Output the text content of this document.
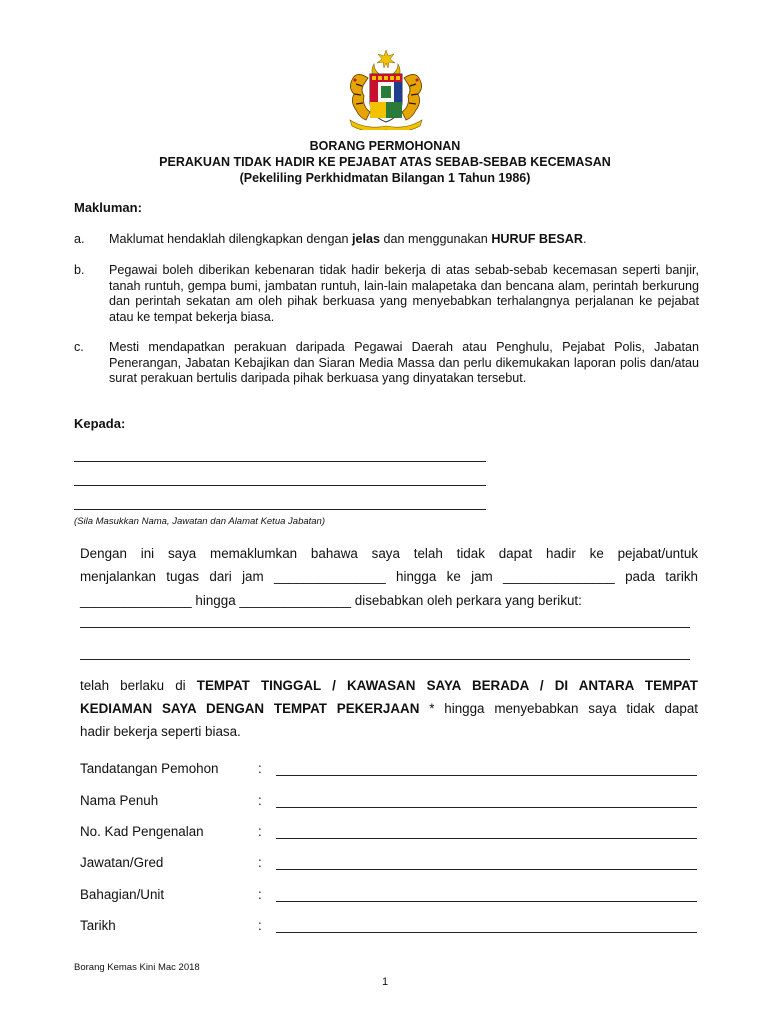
BORANG PERMOHONAN
PERAKUAN TIDAK HADIR KE PEJABAT ATAS SEBAB-SEBAB KECEMASAN
(Pekeliling Perkhidmatan Bilangan 1 Tahun 1986)
Makluman:
a. Maklumat hendaklah dilengkapkan dengan jelas dan menggunakan HURUF BESAR.
b. Pegawai boleh diberikan kebenaran tidak hadir bekerja di atas sebab-sebab kecemasan seperti banjir, tanah runtuh, gempa bumi, jambatan runtuh, lain-lain malapetaka dan bencana alam, perintah berkurung dan perintah sekatan am oleh pihak berkuasa yang menyebabkan terhalangnya perjalanan ke pejabat atau ke tempat bekerja biasa.
c. Mesti mendapatkan perakuan daripada Pegawai Daerah atau Penghulu, Pejabat Polis, Jabatan Penerangan, Jabatan Kebajikan dan Siaran Media Massa dan perlu dikemukakan laporan polis dan/atau surat perakuan bertulis daripada pihak berkuasa yang dinyatakan tersebut.
Kepada:
(Sila Masukkan Nama, Jawatan dan Alamat Ketua Jabatan)
Dengan ini saya memaklumkan bahawa saya telah tidak dapat hadir ke pejabat/untuk
menjalankan tugas dari jam _______________ hingga ke jam _______________ pada tarikh
_______________ hingga _______________ disebabkan oleh perkara yang berikut:
telah berlaku di TEMPAT TINGGAL / KAWASAN SAYA BERADA / DI ANTARA TEMPAT
KEDIAMAN SAYA DENGAN TEMPAT PEKERJAAN * hingga menyebabkan saya tidak dapat
hadir bekerja seperti biasa.
Tandatangan Pemohon	:
Nama Penuh	:
No. Kad Pengenalan	:
Jawatan/Gred	:
Bahagian/Unit	:
Tarikh	:
Borang Kemas Kini Mac 2018
1
